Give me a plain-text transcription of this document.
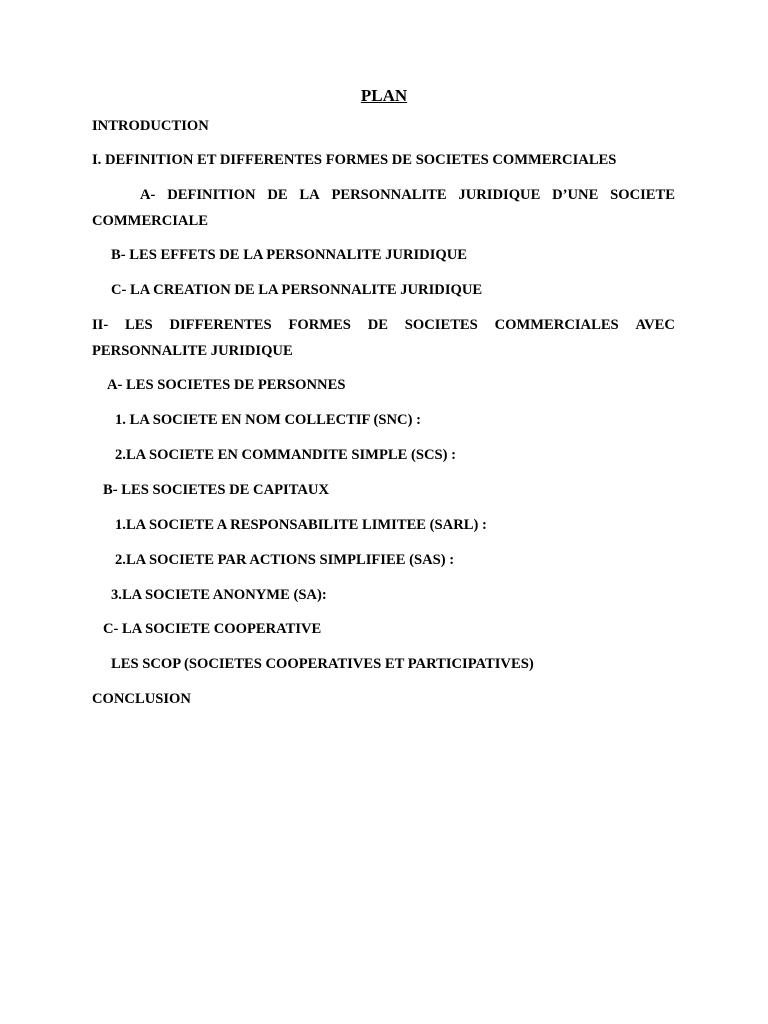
PLAN
INTRODUCTION
I. DEFINITION ET DIFFERENTES FORMES DE SOCIETES COMMERCIALES
A- DEFINITION DE LA PERSONNALITE JURIDIQUE D’UNE SOCIETE
COMMERCIALE
B- LES EFFETS DE LA PERSONNALITE JURIDIQUE
C- LA CREATION DE LA PERSONNALITE JURIDIQUE
II- LES DIFFERENTES FORMES DE SOCIETES COMMERCIALES AVEC
PERSONNALITE JURIDIQUE
A- LES SOCIETES DE PERSONNES
1. LA SOCIETE EN NOM COLLECTIF (SNC) :
2.LA SOCIETE EN COMMANDITE SIMPLE (SCS) :
B- LES SOCIETES DE CAPITAUX
1.LA SOCIETE A RESPONSABILITE LIMITEE (SARL) :
2.LA SOCIETE PAR ACTIONS SIMPLIFIEE (SAS) :
3.LA SOCIETE ANONYME (SA):
C- LA SOCIETE COOPERATIVE
LES SCOP (SOCIETES COOPERATIVES ET PARTICIPATIVES)
CONCLUSION
